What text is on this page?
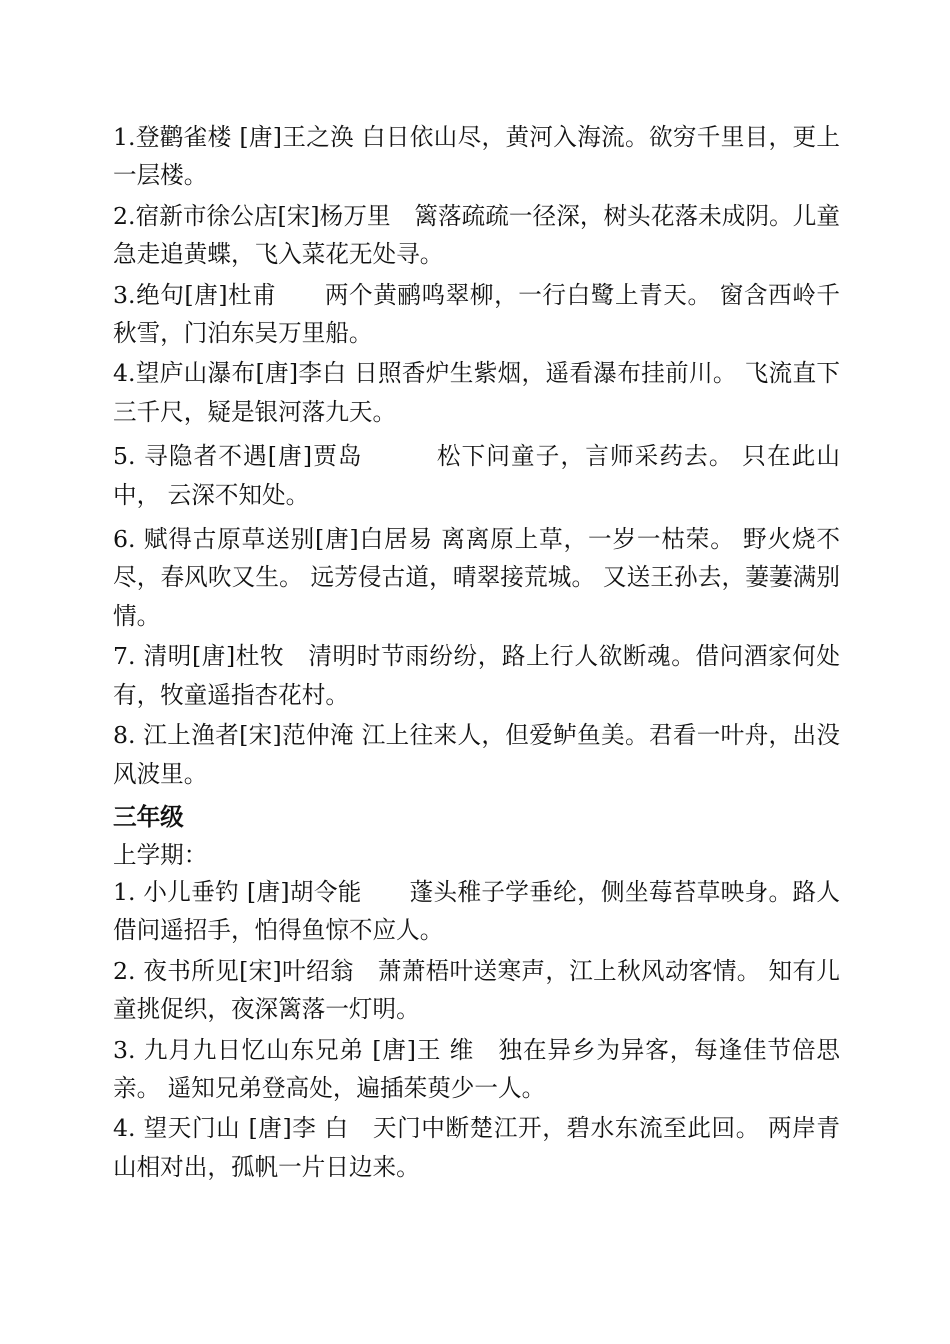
1.登鹳雀楼 [唐]王之涣 白日依山尽，黄河入海流。欲穷千里目，更上一层楼。

2.宿新市徐公店[宋]杨万里　篱落疏疏一径深，树头花落未成阴。儿童急走追黄蝶，飞入菜花无处寻。

3.绝句[唐]杜甫　　两个黄鹂鸣翠柳，一行白鹭上青天。 窗含西岭千秋雪，门泊东吴万里船。

4.望庐山瀑布[唐]李白 日照香炉生紫烟，遥看瀑布挂前川。 飞流直下三千尺，疑是银河落九天。

5. 寻隐者不遇[唐]贾岛　　　松下问童子，言师采药去。 只在此山中， 云深不知处。

6. 赋得古原草送别[唐]白居易 离离原上草，一岁一枯荣。 野火烧不尽，春风吹又生。 远芳侵古道，晴翠接荒城。 又送王孙去，萋萋满别情。

7. 清明[唐]杜牧　清明时节雨纷纷，路上行人欲断魂。借问酒家何处有，牧童遥指杏花村。

8. 江上渔者[宋]范仲淹 江上往来人，但爱鲈鱼美。君看一叶舟，出没风波里。

三年级

上学期：

1. 小儿垂钓 [唐]胡令能　　蓬头稚子学垂纶，侧坐莓苔草映身。路人借问遥招手，怕得鱼惊不应人。

2. 夜书所见[宋]叶绍翁　萧萧梧叶送寒声，江上秋风动客情。 知有儿童挑促织，夜深篱落一灯明。

3. 九月九日忆山东兄弟 [唐]王 维　独在异乡为异客，每逢佳节倍思亲。 遥知兄弟登高处，遍插茱萸少一人。

4. 望天门山 [唐]李 白　天门中断楚江开，碧水东流至此回。 两岸青山相对出，孤帆一片日边来。
